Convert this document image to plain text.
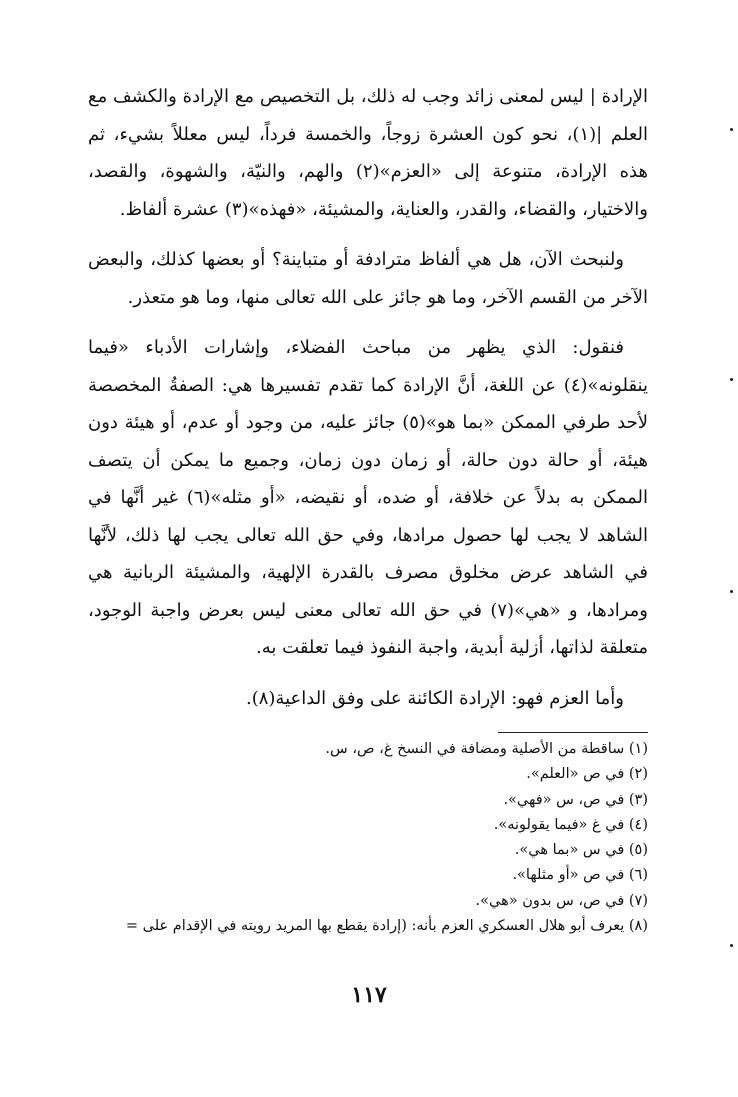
الإرادة | ليس لمعنى زائد وجب له ذلك، بل التخصيص مع الإرادة والكشف مع العلم |(١)، نحو كون العشرة زوجاً، والخمسة فرداً، ليس معللاً بشيء، ثم هذه الإرادة، متنوعة إلى «العزم»(٢) والهم، والنيّة، والشهوة، والقصد، والاختيار، والقضاء، والقدر، والعناية، والمشيئة، «فهذه»(٣) عشرة ألفاظ.

ولنبحث الآن، هل هي ألفاظ مترادفة أو متباينة؟ أو بعضها كذلك، والبعض الآخر من القسم الآخر، وما هو جائز على الله تعالى منها، وما هو متعذر.

فنقول: الذي يظهر من مباحث الفضلاء، وإشارات الأدباء «فيما ينقلونه»(٤) عن اللغة، أنَّ الإرادة كما تقدم تفسيرها هي: الصفةُ المخصصة لأحد طرفي الممكن «بما هو»(٥) جائز عليه، من وجود أو عدم، أو هيئة دون هيئة، أو حالة دون حالة، أو زمان دون زمان، وجميع ما يمكن أن يتصف الممكن به بدلاً عن خلافة، أو ضده، أو نقيضه، «أو مثله»(٦) غير أنَّها في الشاهد لا يجب لها حصول مرادها، وفي حق الله تعالى يجب لها ذلك، لأنَّها في الشاهد عرض مخلوق مصرف بالقدرة الإلهية، والمشيئة الربانية هي ومرادها، و «هي»(٧) في حق الله تعالى معنى ليس بعرض واجبة الوجود، متعلقة لذاتها، أزلية أبدية، واجبة النفوذ فيما تعلقت به.

وأما العزم فهو: الإرادة الكائنة على وفق الداعية(٨).

(١) ساقطة من الأصلية ومضافة في النسخ غ، ص، س.

(٢) في ص «العلم».

(٣) في ص، س «فهي».

(٤) في غ «فيما يقولونه».

(٥) في س «بما هي».

(٦) في ص «أو مثلها».

(٧) في ص، س بدون «هي».

(٨) يعرف أبو هلال العسكري العزم بأنه: (إرادة يقطع بها المريد رويته في الإقدام على =

١١٧
